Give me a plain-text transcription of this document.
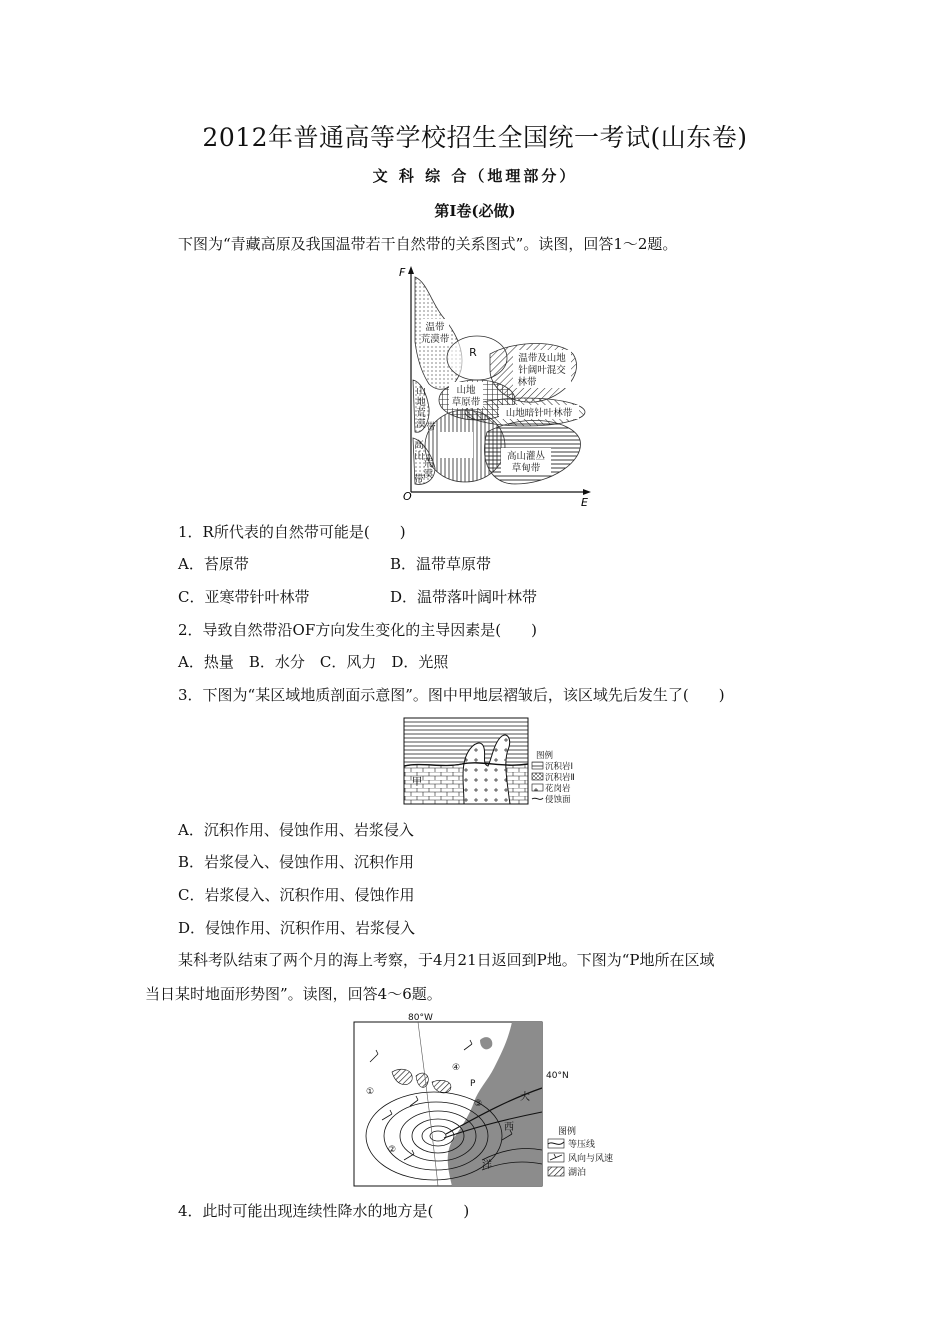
2012年普通高等学校招生全国统一考试(山东卷)
文 科 综 合（地理部分）
第Ⅰ卷(必做)
下图为“青藏高原及我国温带若干自然带的关系图式”。读图，回答1～2题。
F
O	E
温带
荒漠带
R	温带及山地
针阔叶混交
林带
山地
草原带
山地暗针叶林带
山
地
荒
漠 带
高
山
荒
漠
带
高山灌丛
草甸带
1．R所代表的自然带可能是(　　)
A．苔原带	B．温带草原带
C．亚寒带针叶林带	D．温带落叶阔叶林带
2．导致自然带沿OF方向发生变化的主导因素是(　　)
A．热量　B．水分　C．风力　D．光照
3．下图为“某区域地质剖面示意图”。图中甲地层褶皱后，该区域先后发生了(　　)
甲
图例
沉积岩Ⅰ
沉积岩Ⅱ
花岗岩
侵蚀面
A．沉积作用、侵蚀作用、岩浆侵入
B．岩浆侵入、侵蚀作用、沉积作用
C．岩浆侵入、沉积作用、侵蚀作用
D．侵蚀作用、沉积作用、岩浆侵入
某科考队结束了两个月的海上考察，于4月21日返回到P地。下图为“P地所在区域
当日某时地面形势图”。读图，回答4～6题。
80°W
40°N
大
西
洋
P
①
②
③
④
图例
等压线
风向与风速
湖泊
4．此时可能出现连续性降水的地方是(　　)
